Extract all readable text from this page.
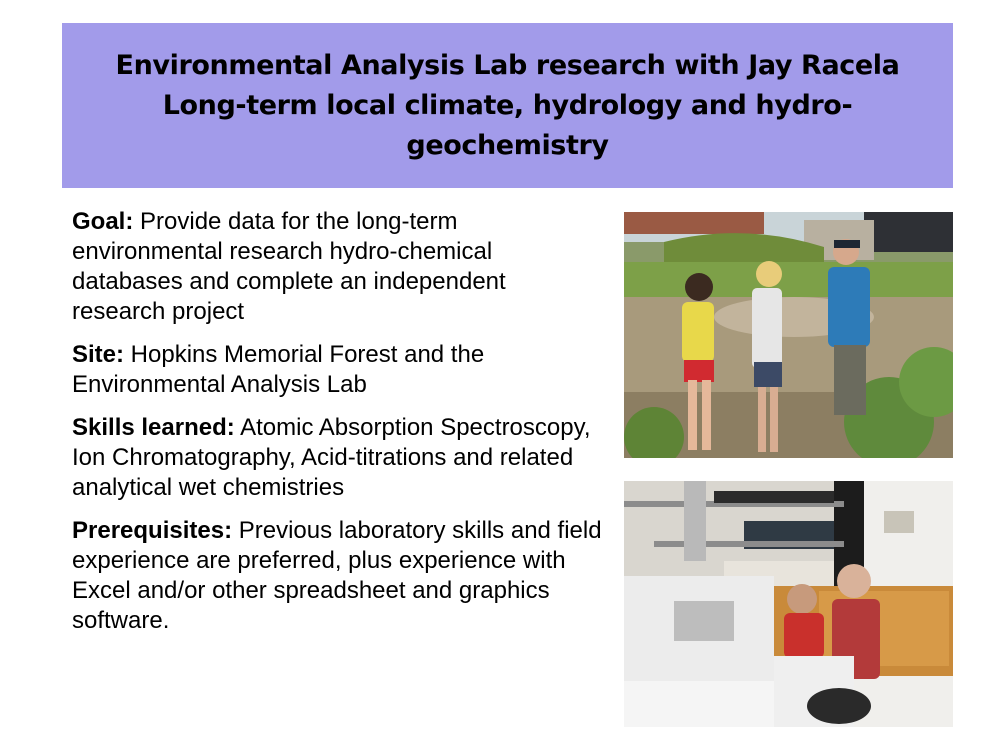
Environmental Analysis Lab research with Jay Racela
Long-term local climate, hydrology and hydro-
geochemistry

Goal: Provide data for the long-term environmental research hydro-chemical databases and complete an independent research project

Site: Hopkins Memorial Forest and the Environmental Analysis Lab

Skills learned: Atomic Absorption Spectroscopy, Ion Chromatography, Acid-titrations and related analytical wet chemistries

Prerequisites: Previous laboratory skills and field experience are preferred, plus experience with Excel and/or other spreadsheet and graphics software.
